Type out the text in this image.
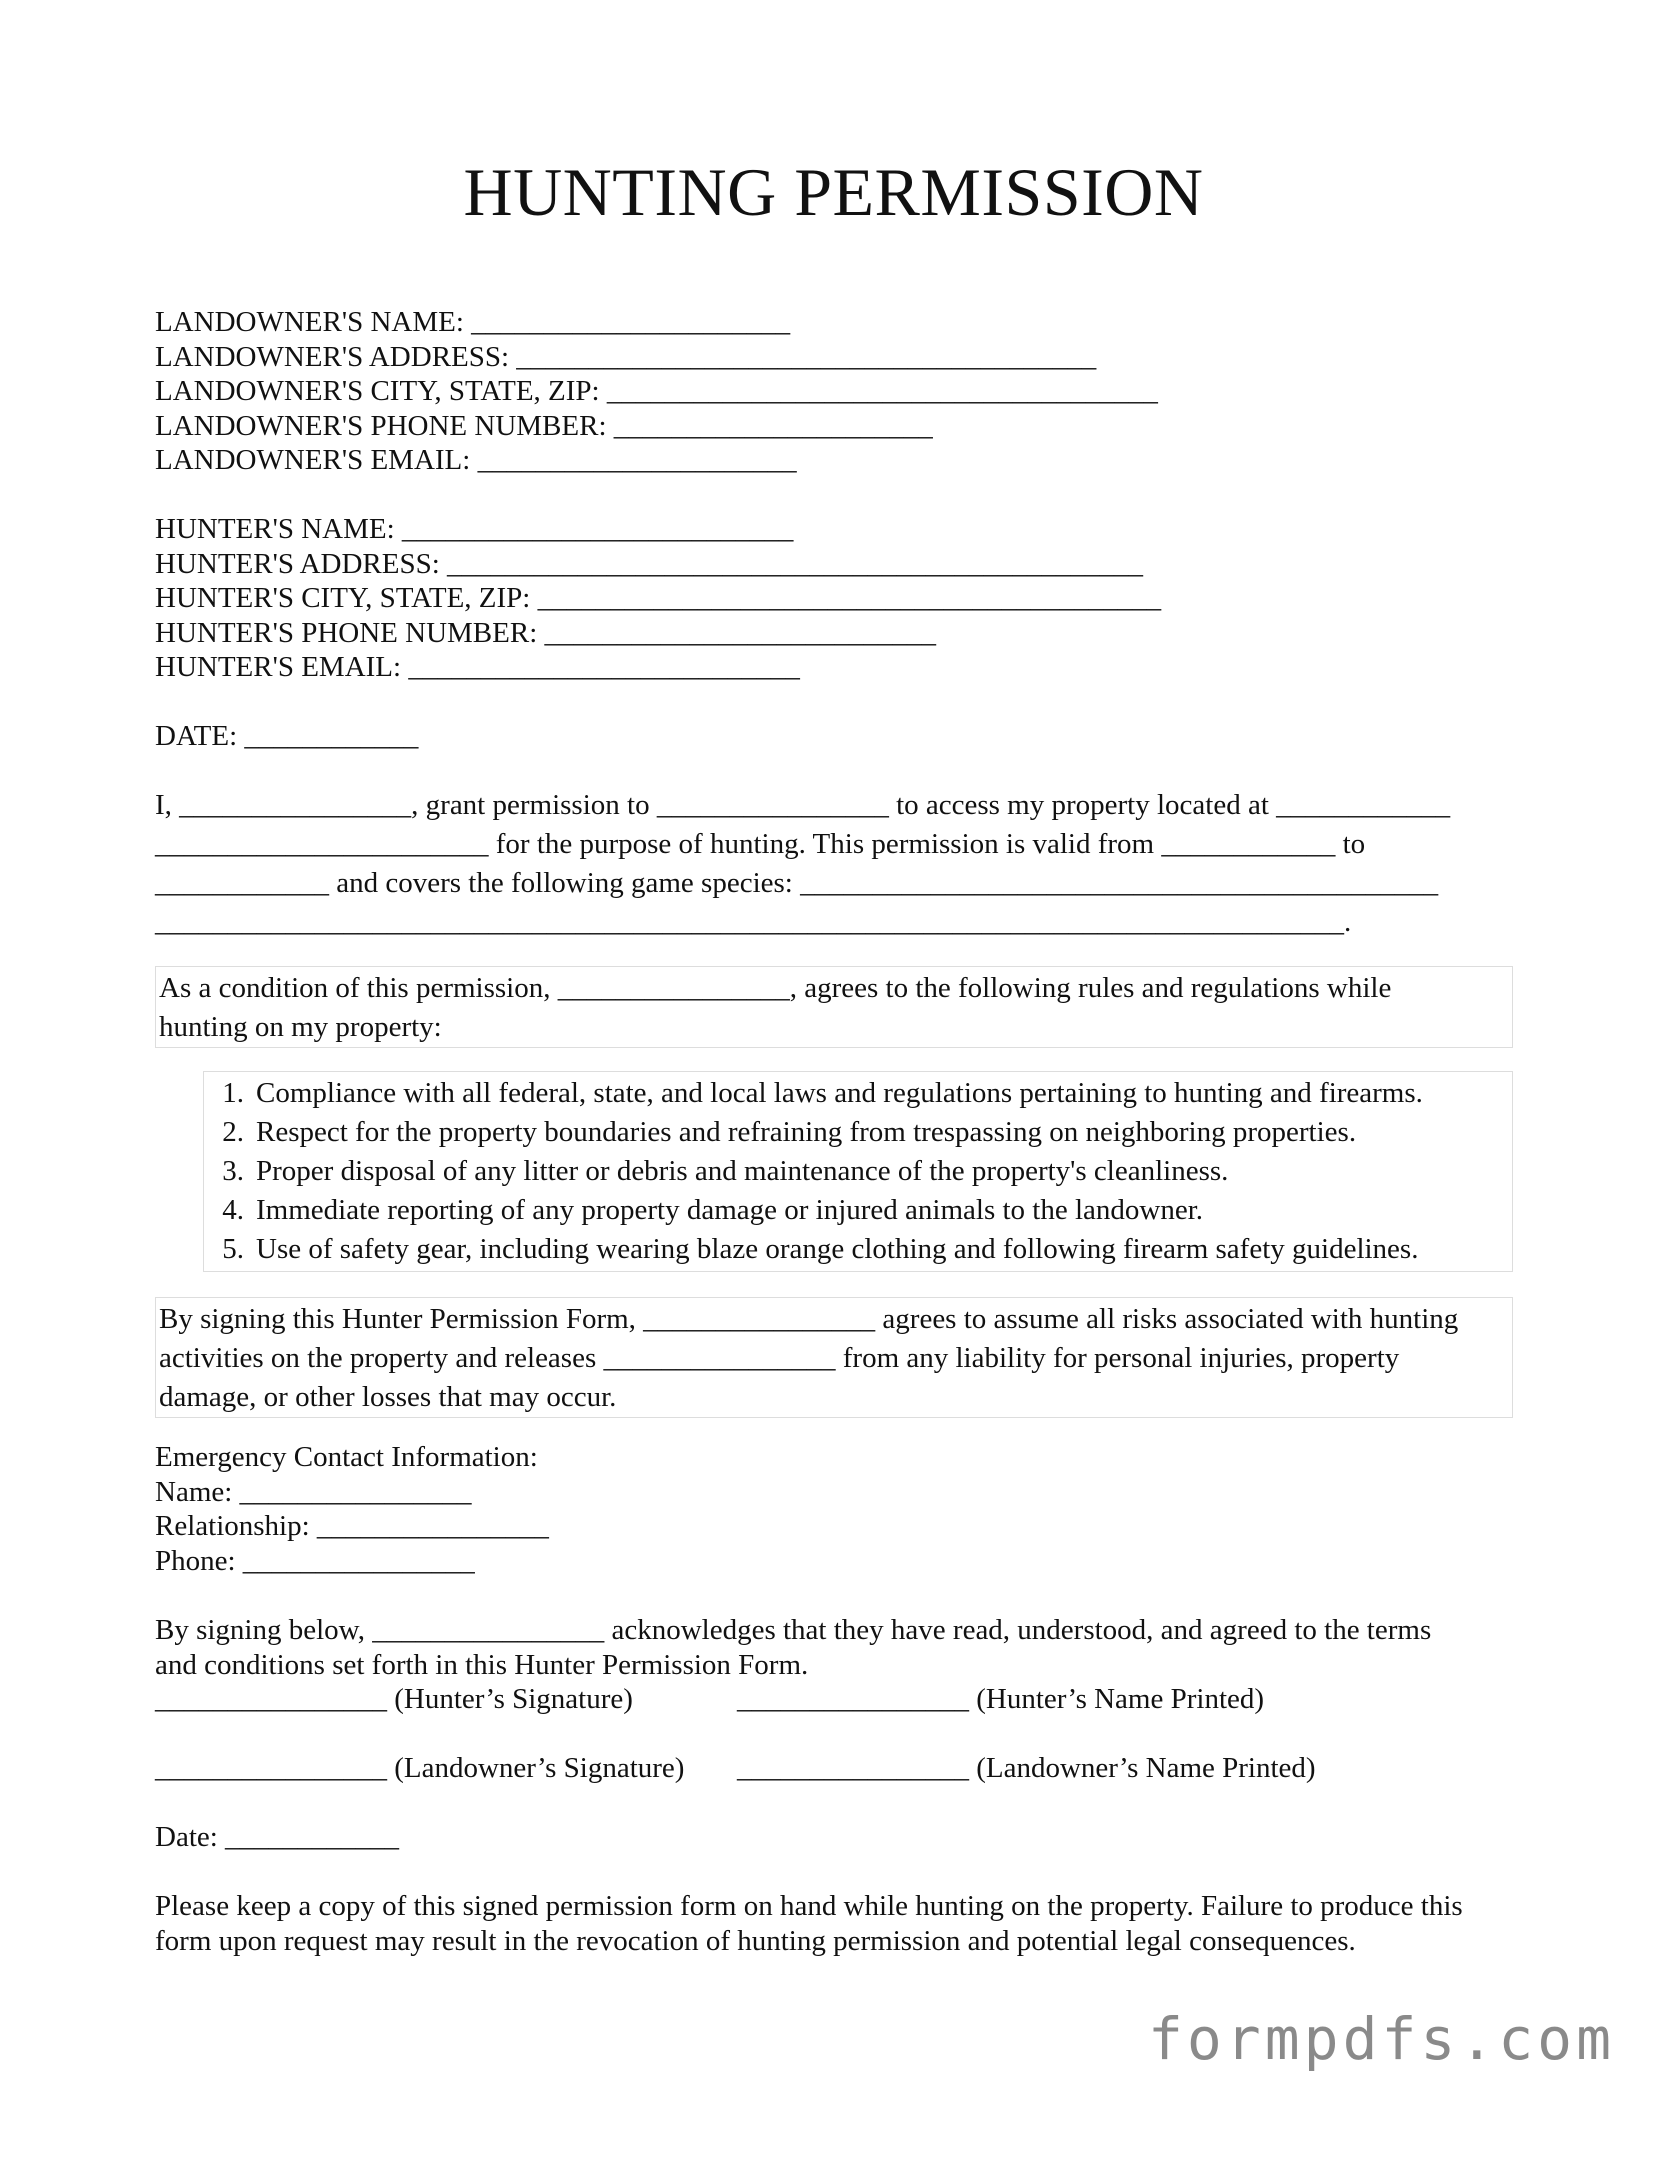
HUNTING PERMISSION
LANDOWNER'S NAME: ______________________
LANDOWNER'S ADDRESS: ________________________________________
LANDOWNER'S CITY, STATE, ZIP: ______________________________________
LANDOWNER'S PHONE NUMBER: ______________________
LANDOWNER'S EMAIL: ______________________
HUNTER'S NAME: ___________________________
HUNTER'S ADDRESS: ________________________________________________
HUNTER'S CITY, STATE, ZIP: ___________________________________________
HUNTER'S PHONE NUMBER: ___________________________
HUNTER'S EMAIL: ___________________________
DATE: ____________
I, ________________, grant permission to ________________ to access my property located at ____________
_______________________ for the purpose of hunting. This permission is valid from ____________ to
____________ and covers the following game species: ____________________________________________
__________________________________________________________________________________.
As a condition of this permission, ________________, agrees to the following rules and regulations while
hunting on my property:
1. Compliance with all federal, state, and local laws and regulations pertaining to hunting and firearms.
2. Respect for the property boundaries and refraining from trespassing on neighboring properties.
3. Proper disposal of any litter or debris and maintenance of the property's cleanliness.
4. Immediate reporting of any property damage or injured animals to the landowner.
5. Use of safety gear, including wearing blaze orange clothing and following firearm safety guidelines.
By signing this Hunter Permission Form, ________________ agrees to assume all risks associated with hunting
activities on the property and releases ________________ from any liability for personal injuries, property
damage, or other losses that may occur.
Emergency Contact Information:
Name: ________________
Relationship: ________________
Phone: ________________
By signing below, ________________ acknowledges that they have read, understood, and agreed to the terms
and conditions set forth in this Hunter Permission Form.
________________ (Hunter’s Signature)	________________ (Hunter’s Name Printed)
________________ (Landowner’s Signature) ________________ (Landowner’s Name Printed)
Date: ____________
Please keep a copy of this signed permission form on hand while hunting on the property. Failure to produce this
form upon request may result in the revocation of hunting permission and potential legal consequences.
formpdfs.com
